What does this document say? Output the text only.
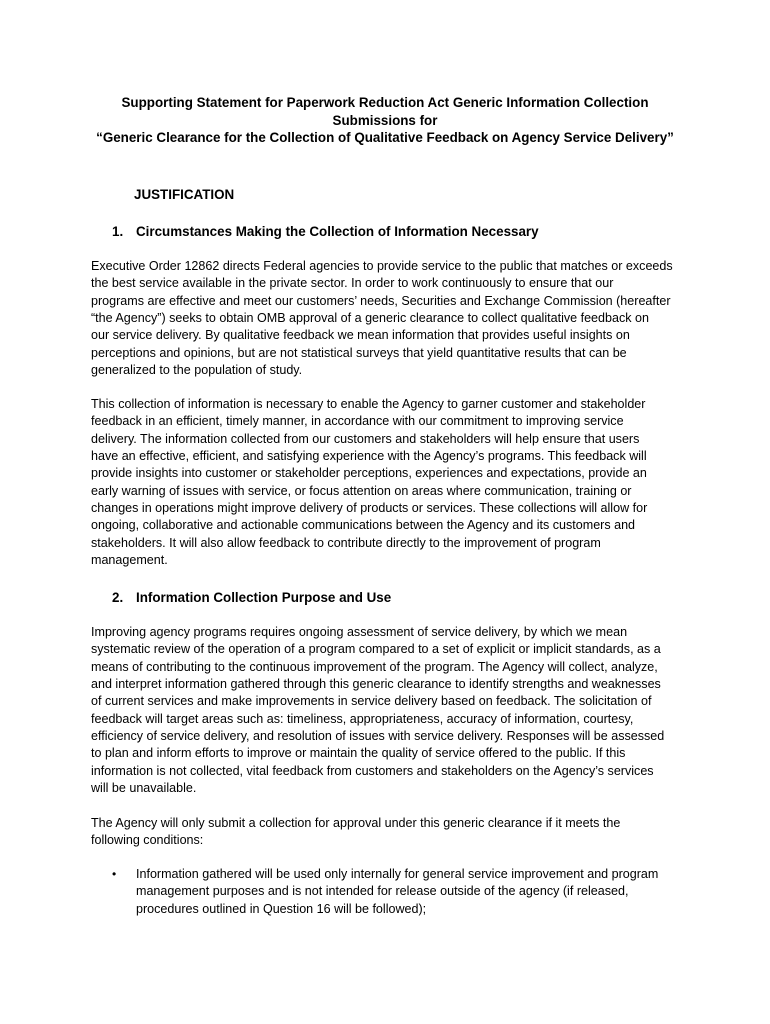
Supporting Statement for Paperwork Reduction Act Generic Information Collection
Submissions for
“Generic Clearance for the Collection of Qualitative Feedback on Agency Service Delivery”
JUSTIFICATION
1. Circumstances Making the Collection of Information Necessary
Executive Order 12862 directs Federal agencies to provide service to the public that matches or exceeds
the best service available in the private sector. In order to work continuously to ensure that our
programs are effective and meet our customers’ needs, Securities and Exchange Commission (hereafter
“the Agency”) seeks to obtain OMB approval of a generic clearance to collect qualitative feedback on
our service delivery. By qualitative feedback we mean information that provides useful insights on
perceptions and opinions, but are not statistical surveys that yield quantitative results that can be
generalized to the population of study.
This collection of information is necessary to enable the Agency to garner customer and stakeholder
feedback in an efficient, timely manner, in accordance with our commitment to improving service
delivery. The information collected from our customers and stakeholders will help ensure that users
have an effective, efficient, and satisfying experience with the Agency’s programs. This feedback will
provide insights into customer or stakeholder perceptions, experiences and expectations, provide an
early warning of issues with service, or focus attention on areas where communication, training or
changes in operations might improve delivery of products or services. These collections will allow for
ongoing, collaborative and actionable communications between the Agency and its customers and
stakeholders. It will also allow feedback to contribute directly to the improvement of program
management.
2. Information Collection Purpose and Use
Improving agency programs requires ongoing assessment of service delivery, by which we mean
systematic review of the operation of a program compared to a set of explicit or implicit standards, as a
means of contributing to the continuous improvement of the program. The Agency will collect, analyze,
and interpret information gathered through this generic clearance to identify strengths and weaknesses
of current services and make improvements in service delivery based on feedback. The solicitation of
feedback will target areas such as: timeliness, appropriateness, accuracy of information, courtesy,
efficiency of service delivery, and resolution of issues with service delivery. Responses will be assessed
to plan and inform efforts to improve or maintain the quality of service offered to the public. If this
information is not collected, vital feedback from customers and stakeholders on the Agency’s services
will be unavailable.
The Agency will only submit a collection for approval under this generic clearance if it meets the
following conditions:
• Information gathered will be used only internally for general service improvement and program
management purposes and is not intended for release outside of the agency (if released,
procedures outlined in Question 16 will be followed);
